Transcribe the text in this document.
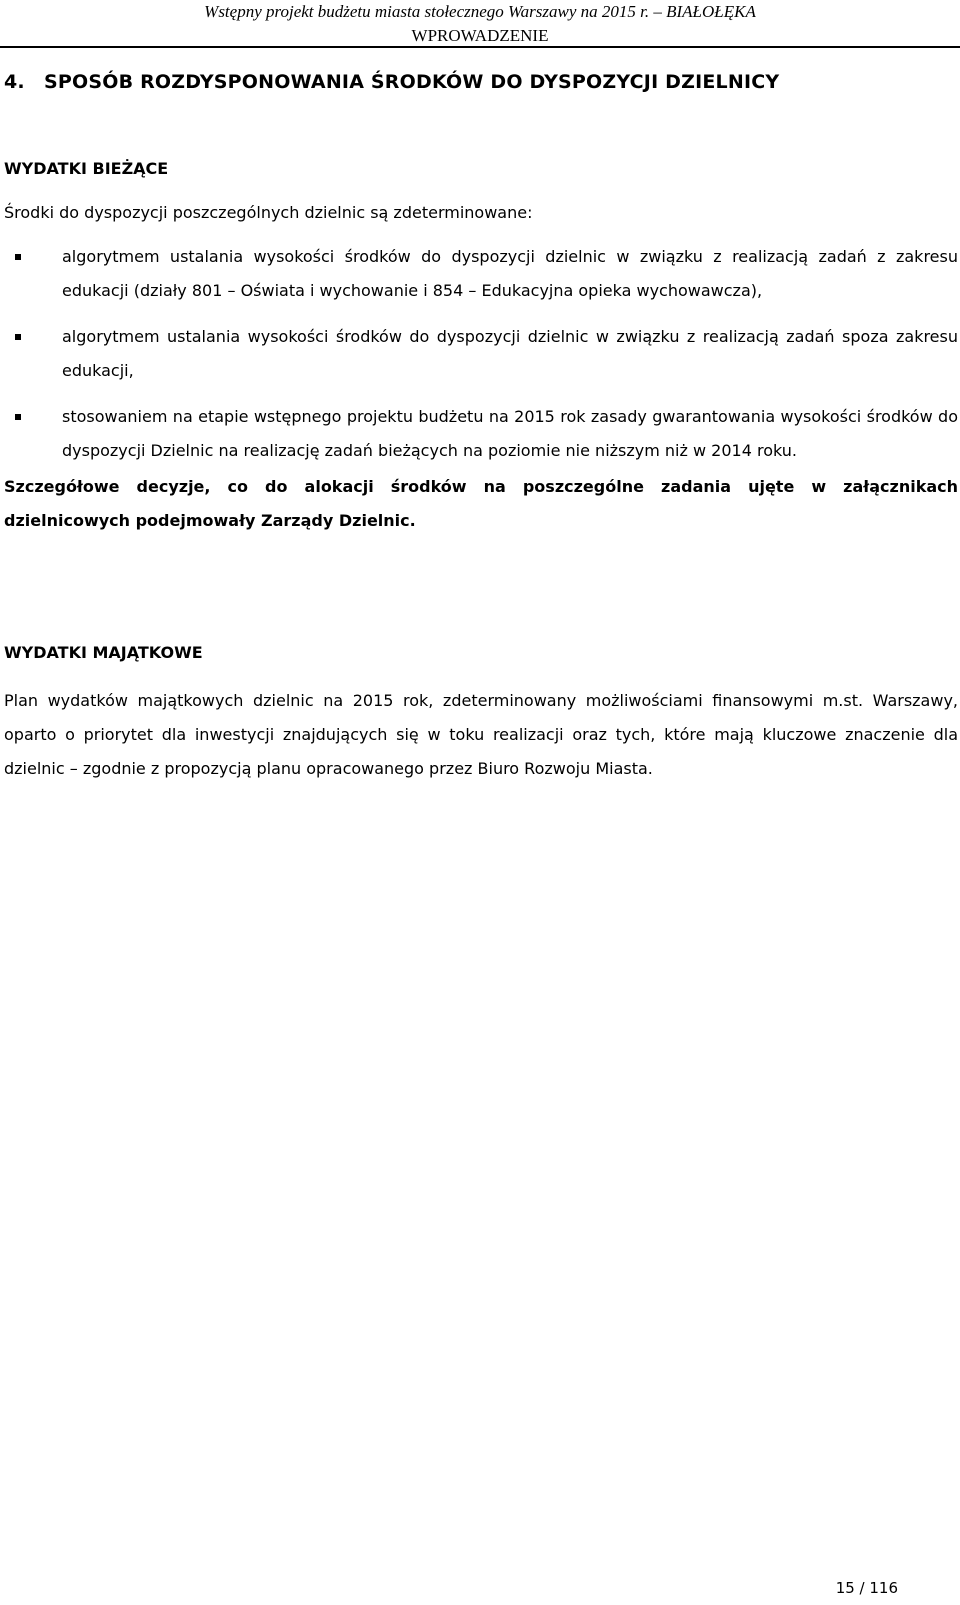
Wstępny projekt budżetu miasta stołecznego Warszawy na 2015 r. – BIAŁOŁĘKA
WPROWADZENIE
4. SPOSÓB ROZDYSPONOWANIA ŚRODKÓW DO DYSPOZYCJI DZIELNICY
WYDATKI BIEŻĄCE

Środki do dyspozycji poszczególnych dzielnic są zdeterminowane:

algorytmem ustalania wysokości środków do dyspozycji dzielnic w związku z realizacją zadań z zakresu edukacji (działy 801 – Oświata i wychowanie i 854 – Edukacyjna opieka wychowawcza),
algorytmem ustalania wysokości środków do dyspozycji dzielnic w związku z realizacją zadań spoza zakresu edukacji,
stosowaniem na etapie wstępnego projektu budżetu na 2015 rok zasady gwarantowania wysokości środków do dyspozycji Dzielnic na realizację zadań bieżących na poziomie nie niższym niż w 2014 roku.

Szczegółowe decyzje, co do alokacji środków na poszczególne zadania ujęte w załącznikach dzielnicowych podejmowały Zarządy Dzielnic.

WYDATKI MAJĄTKOWE

Plan wydatków majątkowych dzielnic na 2015 rok, zdeterminowany możliwościami finansowymi m.st. Warszawy, oparto o priorytet dla inwestycji znajdujących się w toku realizacji oraz tych, które mają kluczowe znaczenie dla dzielnic – zgodnie z propozycją planu opracowanego przez Biuro Rozwoju Miasta.

15 / 116
